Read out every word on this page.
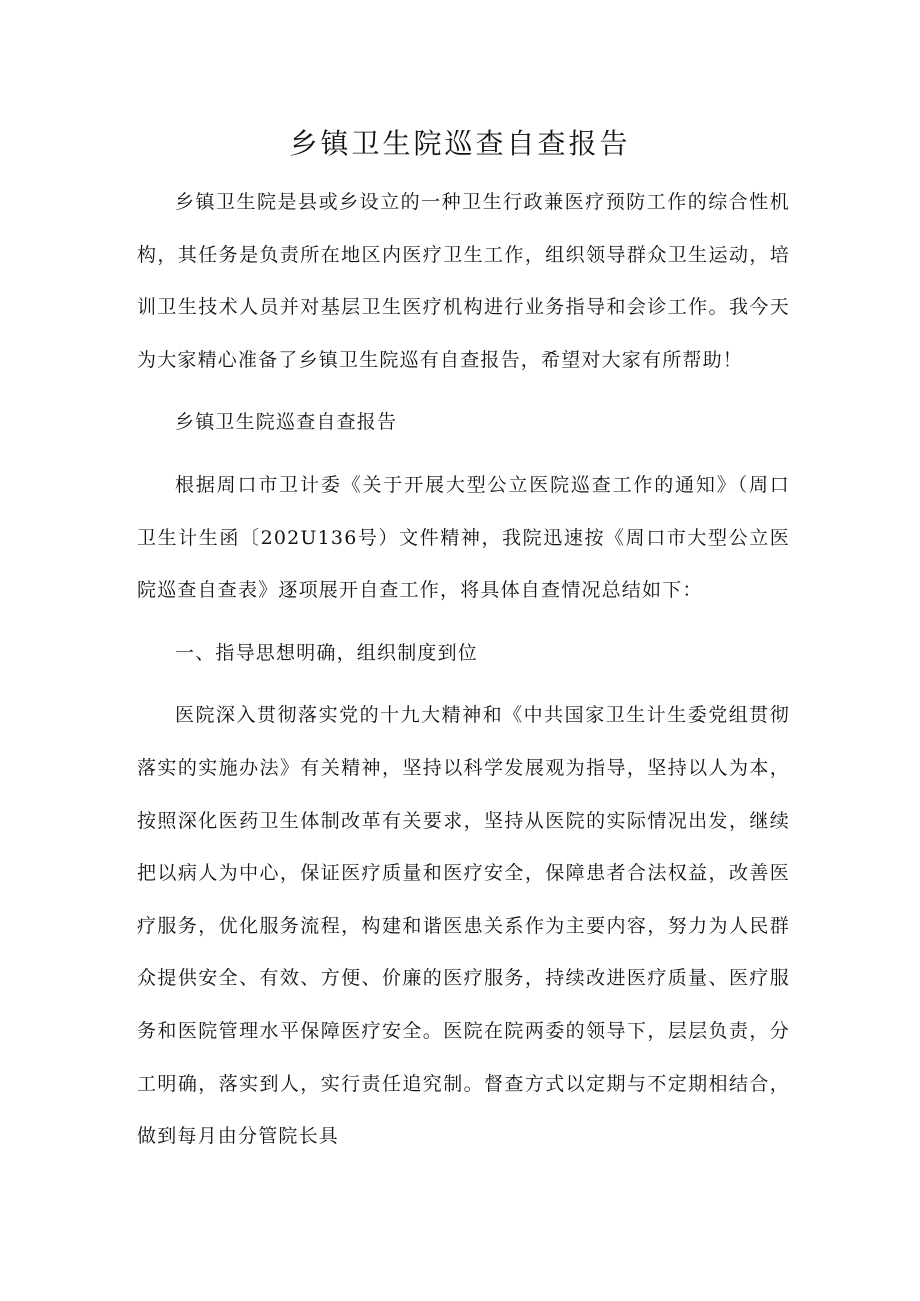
乡镇卫生院巡查自查报告

乡镇卫生院是县或乡设立的一种卫生行政兼医疗预防工作的综合性机构，其任务是负责所在地区内医疗卫生工作，组织领导群众卫生运动，培训卫生技术人员并对基层卫生医疗机构进行业务指导和会诊工作。我今天为大家精心准备了乡镇卫生院巡有自查报告，希望对大家有所帮助！

乡镇卫生院巡查自查报告

根据周口市卫计委《关于开展大型公立医院巡查工作的通知》（周口卫生计生函〔202U136号）文件精神，我院迅速按《周口市大型公立医院巡查自查表》逐项展开自查工作，将具体自查情况总结如下：

一、指导思想明确，组织制度到位

医院深入贯彻落实党的十九大精神和《中共国家卫生计生委党组贯彻落实的实施办法》有关精神，坚持以科学发展观为指导，坚持以人为本，按照深化医药卫生体制改革有关要求，坚持从医院的实际情况出发，继续把以病人为中心，保证医疗质量和医疗安全，保障患者合法权益，改善医疗服务，优化服务流程，构建和谐医患关系作为主要内容，努力为人民群众提供安全、有效、方便、价廉的医疗服务，持续改进医疗质量、医疗服务和医院管理水平保障医疗安全。医院在院两委的领导下，层层负责，分工明确，落实到人，实行责任追究制。督查方式以定期与不定期相结合，做到每月由分管院长具
